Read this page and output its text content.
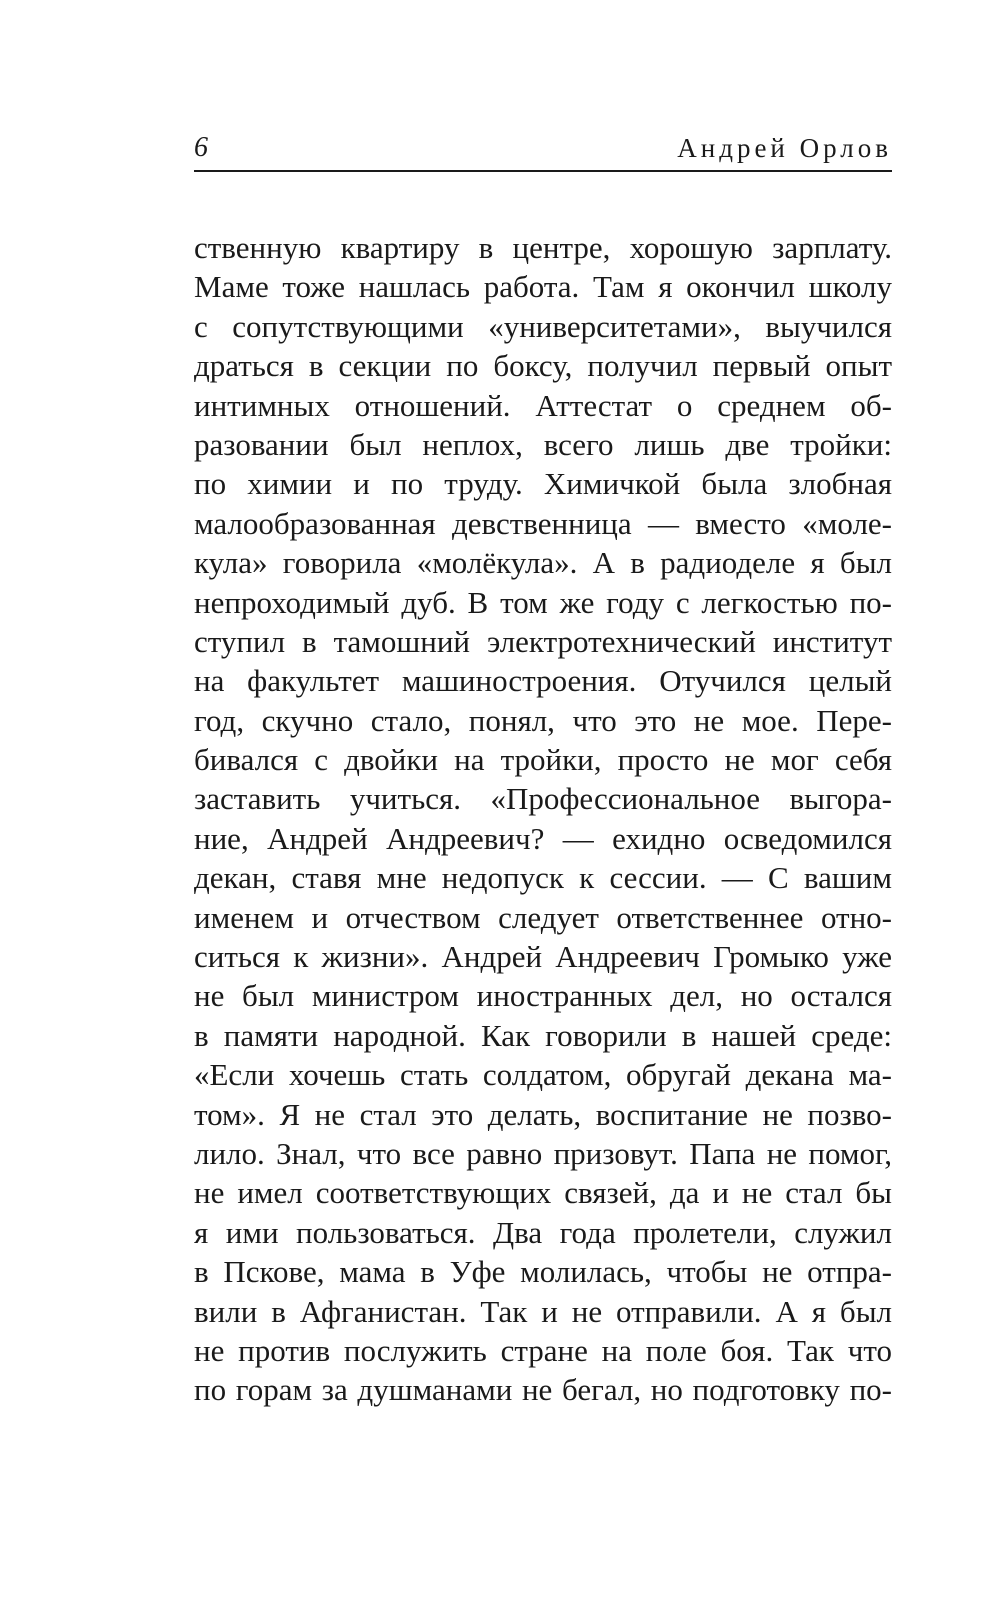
6	Андрей Орлов
ственную квартиру в центре, хорошую зарплату.
Маме тоже нашлась работа. Там я окончил школу
с сопутствующими «университетами», выучился
драться в секции по боксу, получил первый опыт
интимных отношений. Аттестат о среднем об-
разовании был неплох, всего лишь две тройки:
по химии и по труду. Химичкой была злобная
малообразованная девственница — вместо «моле-
кула» говорила «молёкула». А в радиоделе я был
непроходимый дуб. В том же году с легкостью по-
ступил в тамошний электротехнический институт
на факультет машиностроения. Отучился целый
год, скучно стало, понял, что это не мое. Пере-
бивался с двойки на тройки, просто не мог себя
заставить учиться. «Профессиональное выгора-
ние, Андрей Андреевич? — ехидно осведомился
декан, ставя мне недопуск к сессии. — С вашим
именем и отчеством следует ответственнее отно-
ситься к жизни». Андрей Андреевич Громыко уже
не был министром иностранных дел, но остался
в памяти народной. Как говорили в нашей среде:
«Если хочешь стать солдатом, обругай декана ма-
том». Я не стал это делать, воспитание не позво-
лило. Знал, что все равно призовут. Папа не помог,
не имел соответствующих связей, да и не стал бы
я ими пользоваться. Два года пролетели, служил
в Пскове, мама в Уфе молилась, чтобы не отпра-
вили в Афганистан. Так и не отправили. А я был
не против послужить стране на поле боя. Так что
по горам за душманами не бегал, но подготовку по-
